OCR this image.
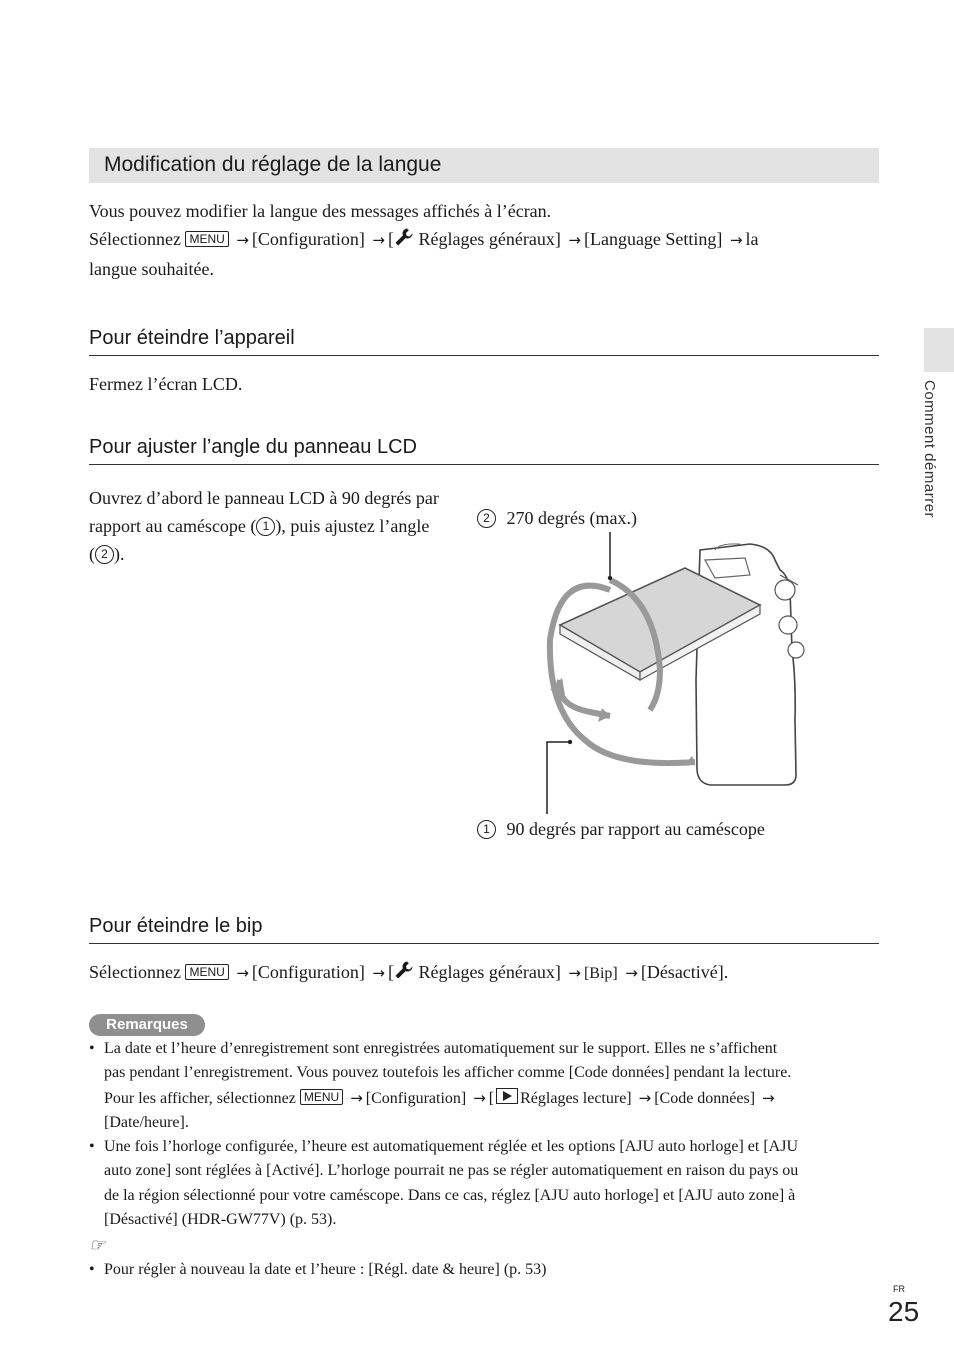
Modification du réglage de la langue
Vous pouvez modifier la langue des messages affichés à l’écran.
Sélectionnez MENU → [Configuration] → [ Réglages généraux] → [Language Setting] → la
langue souhaitée.
Pour éteindre l’appareil
Fermez l’écran LCD.
Pour ajuster l’angle du panneau LCD
Ouvrez d’abord le panneau LCD à 90 degrés par
rapport au caméscope ( 1 ), puis ajustez l’angle
( 2 ).
2 270 degrés (max.)
1 90 degrés par rapport au caméscope
Pour éteindre le bip
Sélectionnez MENU → [Configuration] → [ Réglages généraux] → [Bip] → [Désactivé].
Remarques
• La date et l’heure d’enregistrement sont enregistrées automatiquement sur le support. Elles ne s’affichent
pas pendant l’enregistrement. Vous pouvez toutefois les afficher comme [Code données] pendant la lecture.
Pour les afficher, sélectionnez MENU → [Configuration] → [ Réglages lecture] → [Code données] →
[Date/heure].
• Une fois l’horloge configurée, l’heure est automatiquement réglée et les options [AJU auto horloge] et [AJU
auto zone] sont réglées à [Activé]. L’horloge pourrait ne pas se régler automatiquement en raison du pays ou
de la région sélectionné pour votre caméscope. Dans ce cas, réglez [AJU auto horloge] et [AJU auto zone] à
[Désactivé] (HDR-GW77V) (p. 53).
☞
• Pour régler à nouveau la date et l’heure : [Régl. date & heure] (p. 53)
Comment démarrer
FR
25
